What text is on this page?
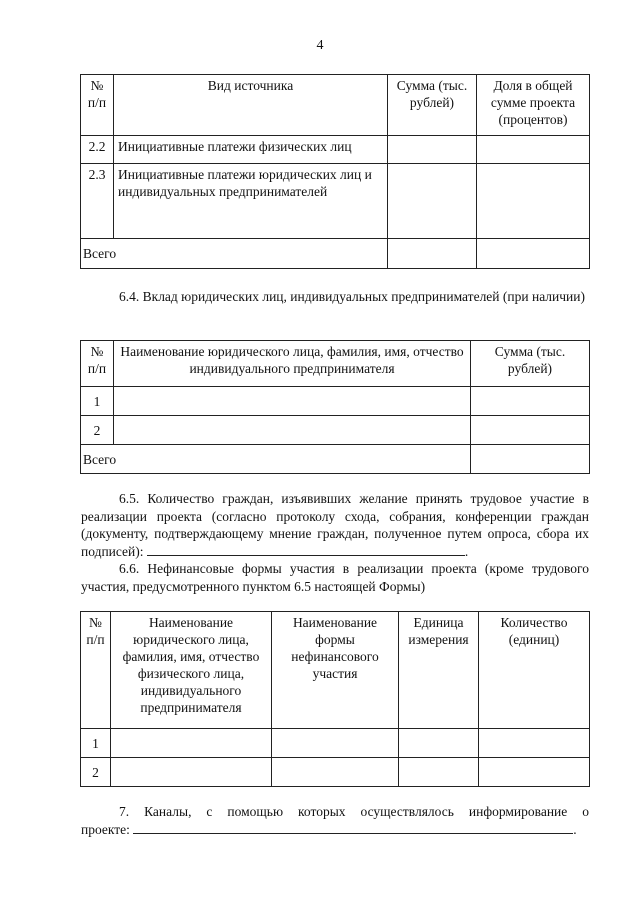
4
№ п/п	Вид источника	Сумма (тыс. рублей)	Доля в общей сумме проекта (процентов)
2.2	Инициативные платежи физических лиц		
2.3	Инициативные платежи юридических лиц и индивидуальных предпринимателей		
Всего			
6.4. Вклад юридических лиц, индивидуальных предпринимателей (при наличии)
№ п/п	Наименование юридического лица, фамилия, имя, отчество индивидуального предпринимателя	Сумма (тыс. рублей)
1		
2		
Всего		
6.5. Количество граждан, изъявивших желание принять трудовое участие в реализации проекта (согласно протоколу схода, собрания, конференции граждан (документу, подтверждающему мнение граждан, полученное путем опроса, сбора их подписей):	.
6.6. Нефинансовые формы участия в реализации проекта (кроме трудового участия, предусмотренного пунктом 6.5 настоящей Формы)
№ п/п	Наименование юридического лица, фамилия, имя, отчество физического лица, индивидуального предпринимателя	Наименование формы нефинансового участия	Единица измерения	Количество (единиц)
1				
2				
7. Каналы, с помощью которых осуществлялось информирование о
проекте:	.
